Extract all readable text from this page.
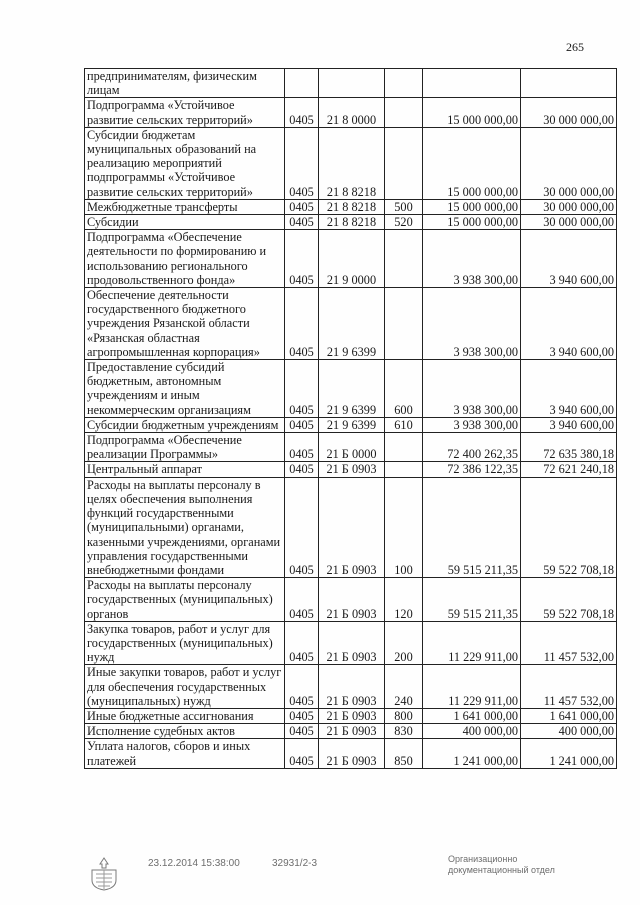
265
предпринимателям, физическим лицам					
Подпрограмма «Устойчивое развитие сельских территорий»	0405	21 8 0000		15 000 000,00	30 000 000,00
Субсидии бюджетам муниципальных образований на реализацию мероприятий подпрограммы «Устойчивое развитие сельских территорий»	0405	21 8 8218		15 000 000,00	30 000 000,00
Межбюджетные трансферты	0405	21 8 8218	500	15 000 000,00	30 000 000,00
Субсидии	0405	21 8 8218	520	15 000 000,00	30 000 000,00
Подпрограмма «Обеспечение деятельности по формированию и использованию регионального продовольственного фонда»	0405	21 9 0000		3 938 300,00	3 940 600,00
Обеспечение деятельности государственного бюджетного учреждения Рязанской области «Рязанская областная агропромышленная корпорация»	0405	21 9 6399		3 938 300,00	3 940 600,00
Предоставление субсидий бюджетным, автономным учреждениям и иным некоммерческим организациям	0405	21 9 6399	600	3 938 300,00	3 940 600,00
Субсидии бюджетным учреждениям	0405	21 9 6399	610	3 938 300,00	3 940 600,00
Подпрограмма «Обеспечение реализации Программы»	0405	21 Б 0000		72 400 262,35	72 635 380,18
Центральный аппарат	0405	21 Б 0903		72 386 122,35	72 621 240,18
Расходы на выплаты персоналу в целях обеспечения выполнения функций государственными (муниципальными) органами, казенными учреждениями, органами управления государственными внебюджетными фондами	0405	21 Б 0903	100	59 515 211,35	59 522 708,18
Расходы на выплаты персоналу государственных (муниципальных) органов	0405	21 Б 0903	120	59 515 211,35	59 522 708,18
Закупка товаров, работ и услуг для государственных (муниципальных) нужд	0405	21 Б 0903	200	11 229 911,00	11 457 532,00
Иные закупки товаров, работ и услуг для обеспечения государственных (муниципальных) нужд	0405	21 Б 0903	240	11 229 911,00	11 457 532,00
Иные бюджетные ассигнования	0405	21 Б 0903	800	1 641 000,00	1 641 000,00
Исполнение судебных актов	0405	21 Б 0903	830	400 000,00	400 000,00
Уплата налогов, сборов и иных платежей	0405	21 Б 0903	850	1 241 000,00	1 241 000,00
23.12.2014 15:38:00	32931/2-3	Организационно
документационный отдел
